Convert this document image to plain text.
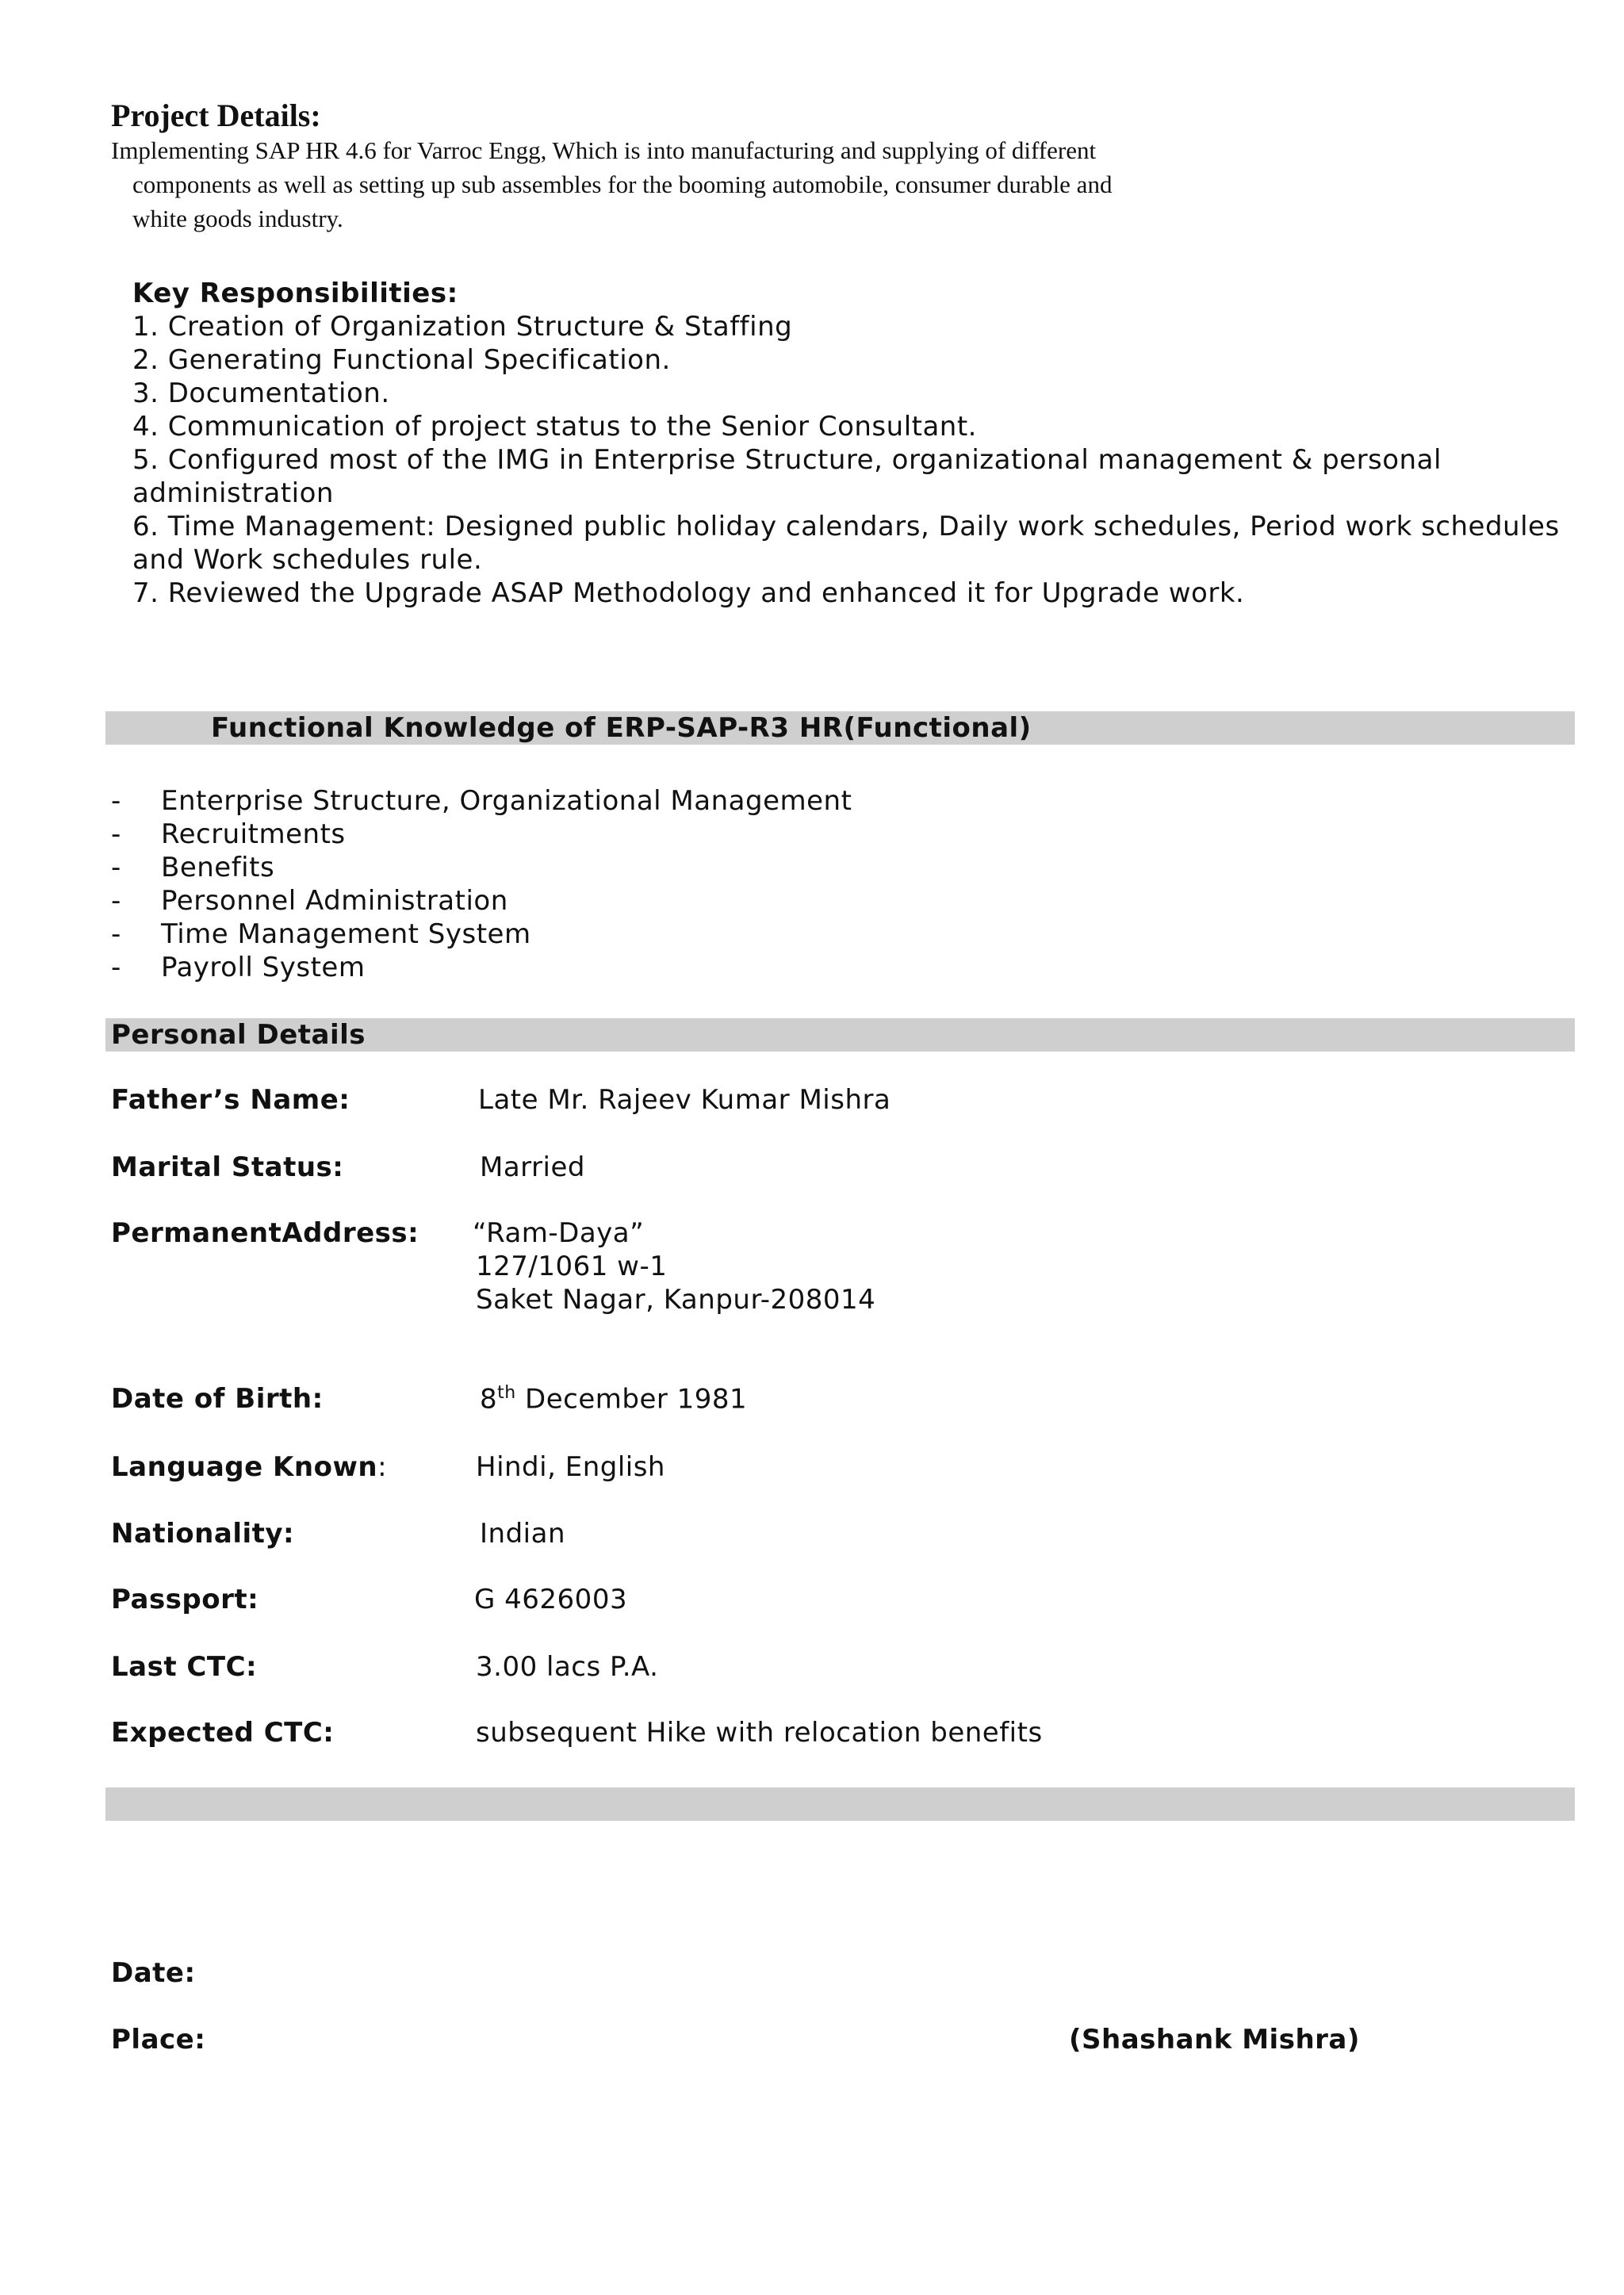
Project Details:
Implementing SAP HR 4.6 for Varroc Engg, Which is into manufacturing and supplying of different
components as well as setting up sub assembles for the booming automobile, consumer durable and
white goods industry.
Key Responsibilities:
1. Creation of Organization Structure & Staffing
2. Generating Functional Specification.
3. Documentation.
4. Communication of project status to the Senior Consultant.
5. Configured most of the IMG in Enterprise Structure, organizational management & personal
administration
6. Time Management: Designed public holiday calendars, Daily work schedules, Period work schedules
and Work schedules rule.
7. Reviewed the Upgrade ASAP Methodology and enhanced it for Upgrade work.
Functional Knowledge of ERP-SAP-R3 HR(Functional)
- Enterprise Structure, Organizational Management
- Recruitments
- Benefits
- Personnel Administration
- Time Management System
- Payroll System
Personal Details
Father’s Name:	Late Mr. Rajeev Kumar Mishra
Marital Status:	Married
PermanentAddress: “Ram-Daya”
127/1061 w-1
Saket Nagar, Kanpur-208014
Date of Birth:	8th December 1981
Language Known:	Hindi, English
Nationality:	Indian
Passport:	G 4626003
Last CTC:	3.00 lacs P.A.
Expected CTC:	subsequent Hike with relocation benefits
Date:
Place:	(Shashank Mishra)
